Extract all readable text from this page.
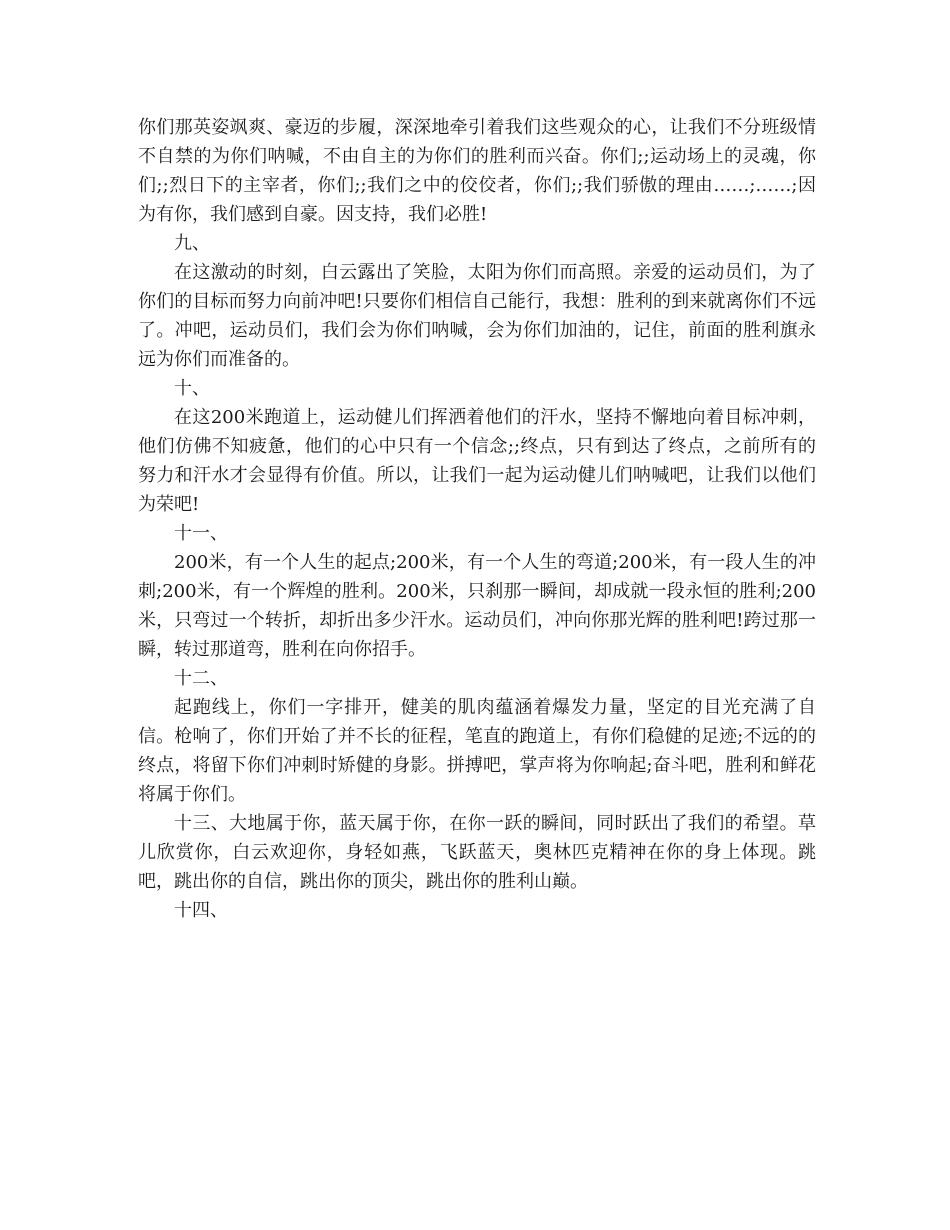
你们那英姿飒爽、豪迈的步履，深深地牵引着我们这些观众的心，让我们不分班级情不自禁的为你们呐喊，不由自主的为你们的胜利而兴奋。你们;;运动场上的灵魂，你们;;烈日下的主宰者，你们;;我们之中的佼佼者，你们;;我们骄傲的理由……;……;因为有你，我们感到自豪。因支持，我们必胜!

九、

在这激动的时刻，白云露出了笑脸，太阳为你们而高照。亲爱的运动员们，为了你们的目标而努力向前冲吧!只要你们相信自己能行，我想：胜利的到来就离你们不远了。冲吧，运动员们，我们会为你们呐喊，会为你们加油的，记住，前面的胜利旗永远为你们而准备的。

十、

在这200米跑道上，运动健儿们挥洒着他们的汗水，坚持不懈地向着目标冲刺，他们仿佛不知疲惫，他们的心中只有一个信念;;终点，只有到达了终点，之前所有的努力和汗水才会显得有价值。所以，让我们一起为运动健儿们呐喊吧，让我们以他们为荣吧!

十一、

200米，有一个人生的起点;200米，有一个人生的弯道;200米，有一段人生的冲刺;200米，有一个辉煌的胜利。200米，只刹那一瞬间，却成就一段永恒的胜利;200米，只弯过一个转折，却折出多少汗水。运动员们，冲向你那光辉的胜利吧!跨过那一瞬，转过那道弯，胜利在向你招手。

十二、

起跑线上，你们一字排开，健美的肌肉蕴涵着爆发力量，坚定的目光充满了自信。枪响了，你们开始了并不长的征程，笔直的跑道上，有你们稳健的足迹;不远的的终点，将留下你们冲刺时矫健的身影。拼搏吧，掌声将为你响起;奋斗吧，胜利和鲜花将属于你们。

十三、大地属于你，蓝天属于你，在你一跃的瞬间，同时跃出了我们的希望。草儿欣赏你，白云欢迎你，身轻如燕，飞跃蓝天，奥林匹克精神在你的身上体现。跳吧，跳出你的自信，跳出你的顶尖，跳出你的胜利山巅。

十四、
